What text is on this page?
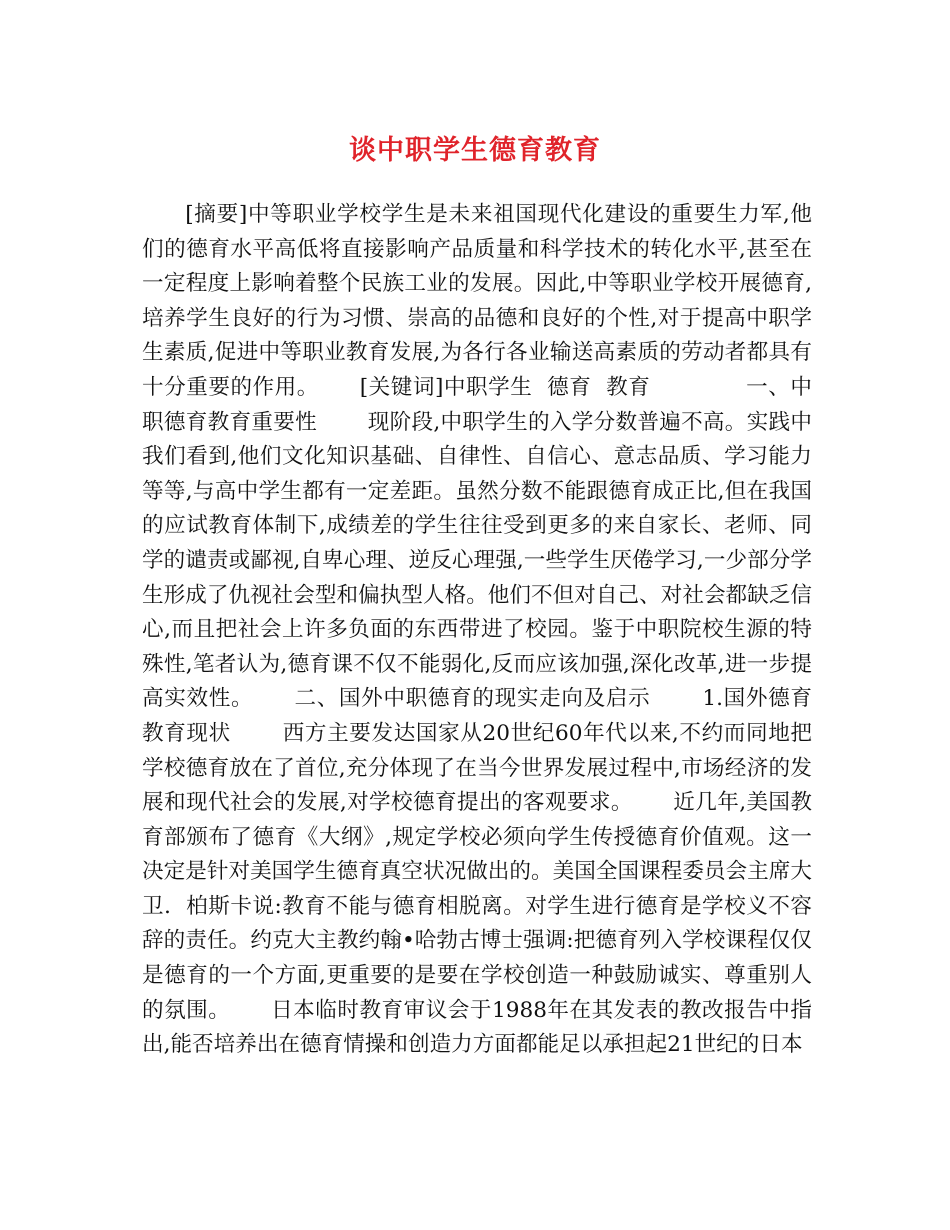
谈中职学生德育教育

[摘要]中等职业学校学生是未来祖国现代化建设的重要生力军,他们的德育水平高低将直接影响产品质量和科学技术的转化水平,甚至在一定程度上影响着整个民族工业的发展。因此,中等职业学校开展德育,培养学生良好的行为习惯、崇高的品德和良好的个性,对于提高中职学生素质,促进中等职业教育发展,为各行各业输送高素质的劳动者都具有十分重要的作用。　　 [关键词]中职学生  德育  教育　　　　 一、中职德育教育重要性　　 现阶段,中职学生的入学分数普遍不高。实践中我们看到,他们文化知识基础、自律性、自信心、意志品质、学习能力等等,与高中学生都有一定差距。虽然分数不能跟德育成正比,但在我国的应试教育体制下,成绩差的学生往往受到更多的来自家长、老师、同学的谴责或鄙视,自卑心理、逆反心理强,一些学生厌倦学习,一少部分学生形成了仇视社会型和偏执型人格。他们不但对自己、对社会都缺乏信心,而且把社会上许多负面的东西带进了校园。鉴于中职院校生源的特殊性,笔者认为,德育课不仅不能弱化,反而应该加强,深化改革,进一步提高实效性。　　 二、国外中职德育的现实走向及启示　　 1.国外德育教育现状　　 西方主要发达国家从20世纪60年代以来,不约而同地把学校德育放在了首位,充分体现了在当今世界发展过程中,市场经济的发展和现代社会的发展,对学校德育提出的客观要求。　　 近几年,美国教育部颁布了德育《大纲》,规定学校必须向学生传授德育价值观。这一决定是针对美国学生德育真空状况做出的。美国全国课程委员会主席大卫．柏斯卡说:教育不能与德育相脱离。对学生进行德育是学校义不容辞的责任。约克大主教约翰•哈勃古博士强调:把德育列入学校课程仅仅是德育的一个方面,更重要的是要在学校创造一种鼓励诚实、尊重别人的氛围。　　 日本临时教育审议会于1988年在其发表的教改报告中指出,能否培养出在德育情操和创造力方面都能足以承担起21世纪的日本
